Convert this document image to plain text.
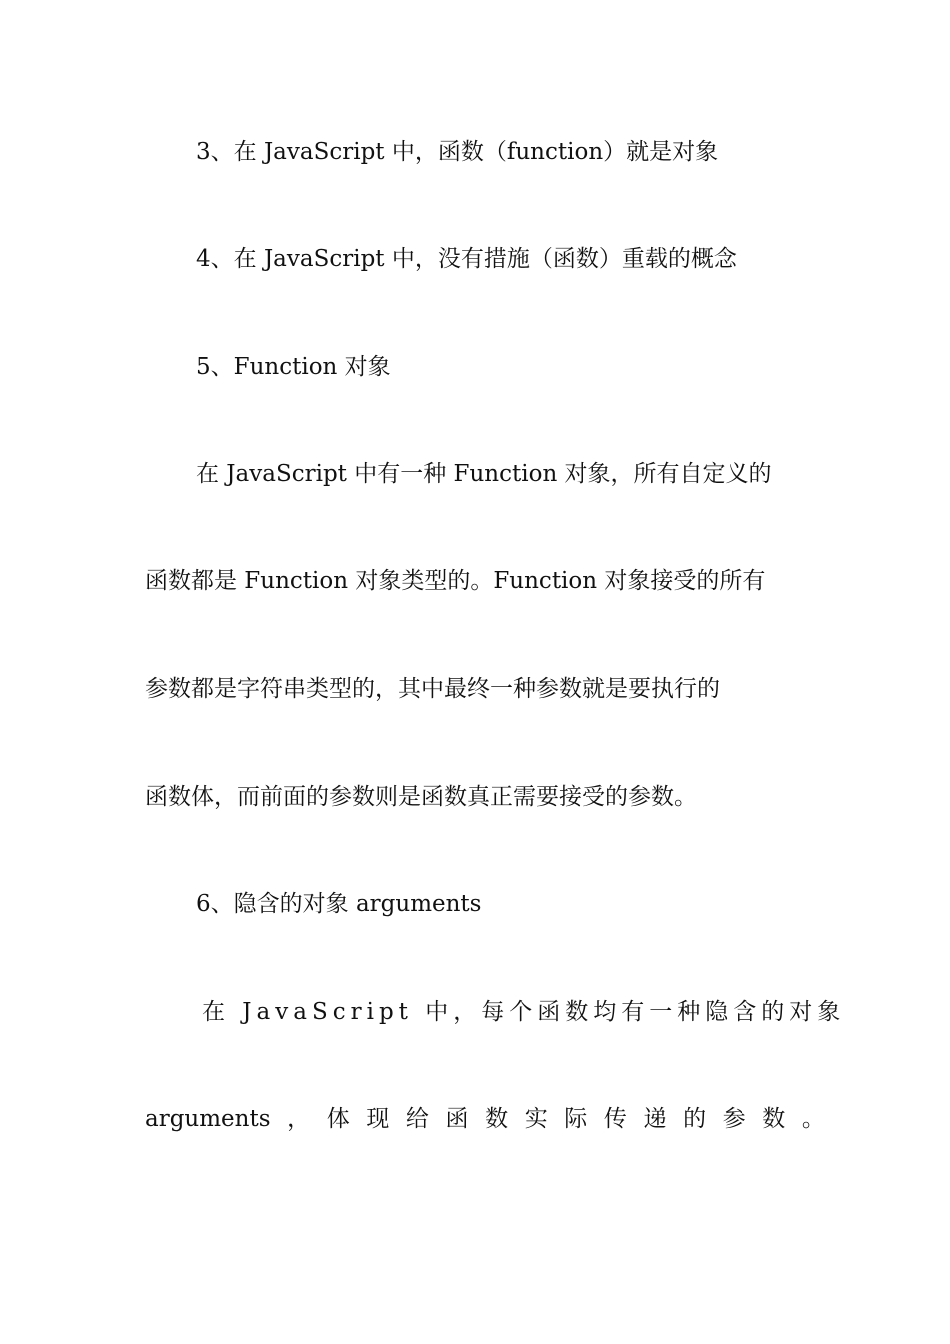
3、在 JavaScript 中，函数（function）就是对象
4、在 JavaScript 中，没有措施（函数）重载的概念
5、Function 对象
在 JavaScript 中有一种 Function 对象，所有自定义的
函数都是 Function 对象类型的。Function 对象接受的所有
参数都是字符串类型的，其中最终一种参数就是要执行的
函数体，而前面的参数则是函数真正需要接受的参数。
6、隐含的对象 arguments
在 JavaScript 中，每个函数均有一种隐含的对象
arguments ， 体 现 给 函 数 实 际 传 递 的 参 数 。
